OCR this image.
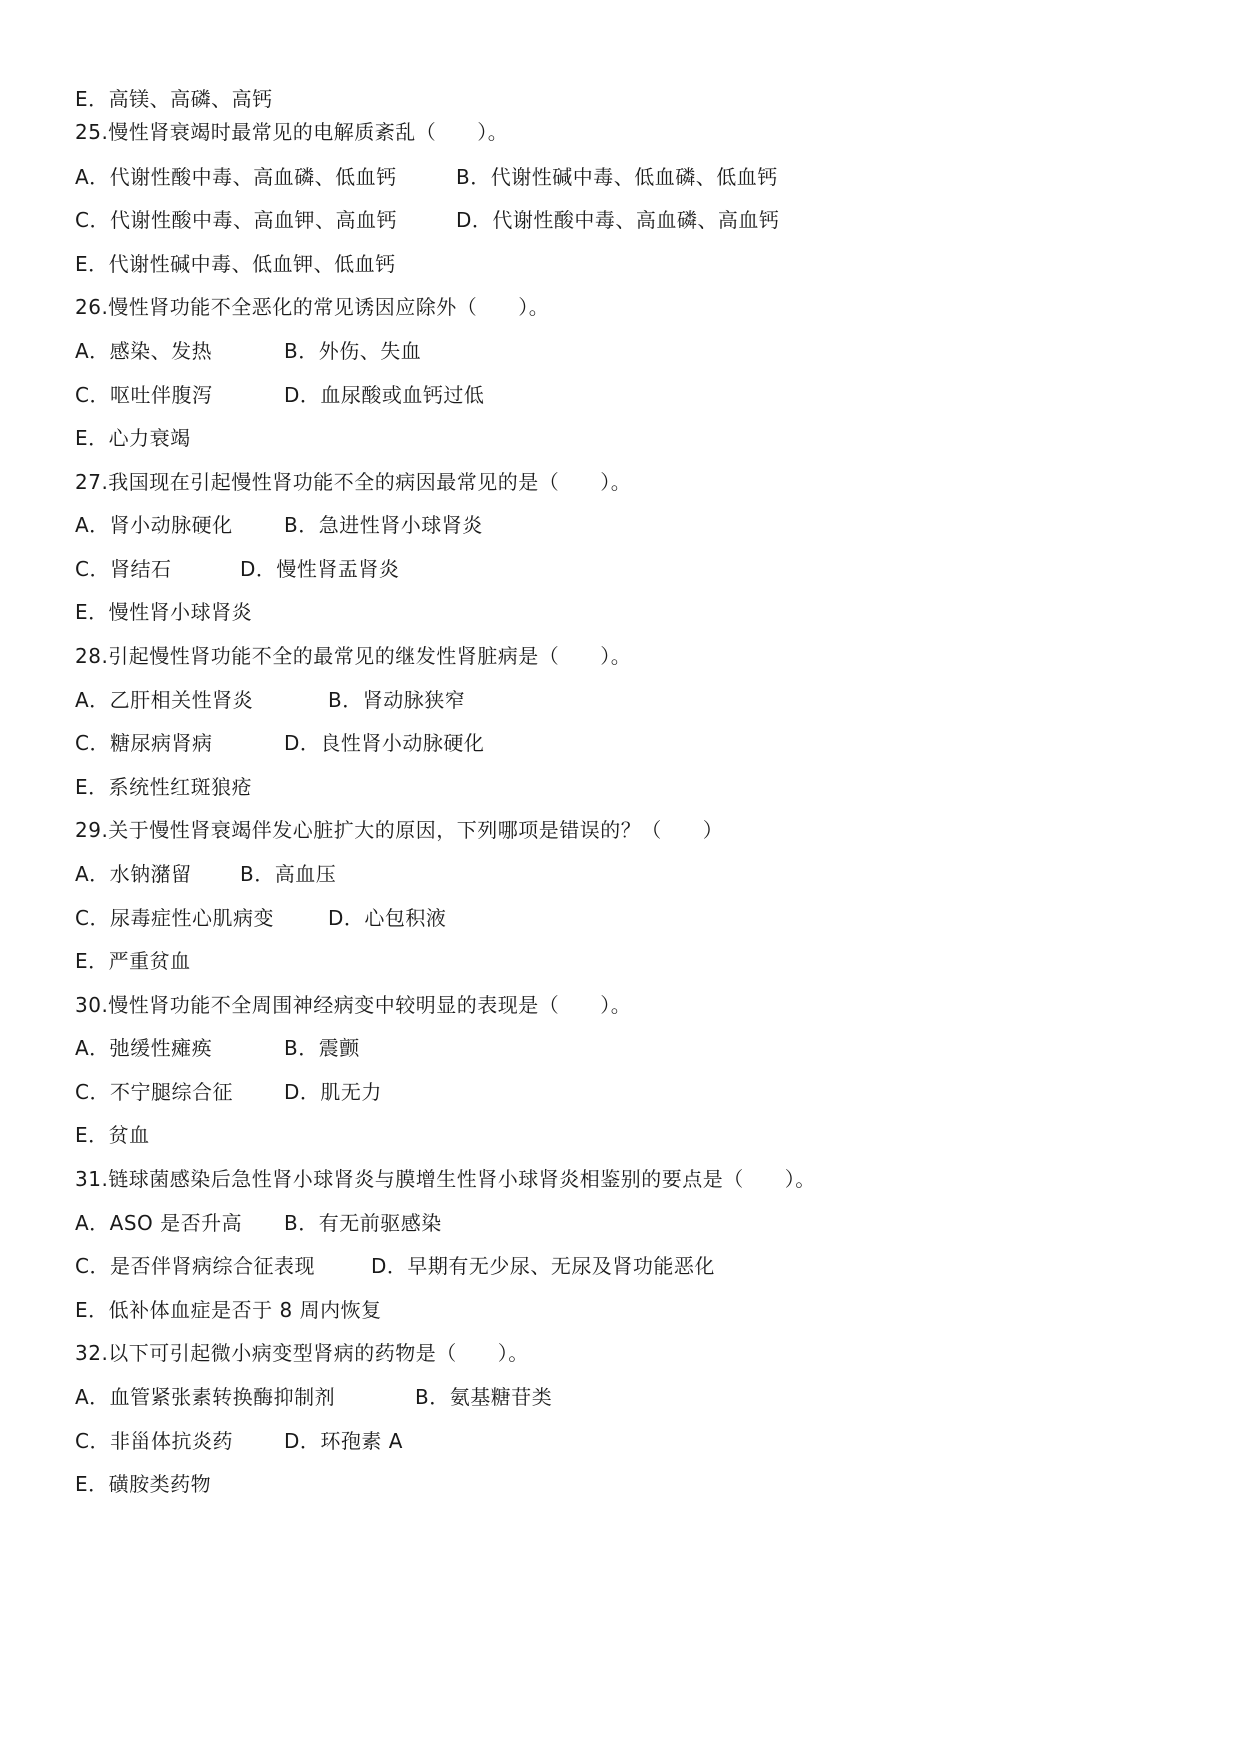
E．高镁、高磷、高钙
25.慢性肾衰竭时最常见的电解质紊乱（　　）。
A．代谢性酸中毒、高血磷、低血钙	B．代谢性碱中毒、低血磷、低血钙
C．代谢性酸中毒、高血钾、高血钙	D．代谢性酸中毒、高血磷、高血钙
E．代谢性碱中毒、低血钾、低血钙
26.慢性肾功能不全恶化的常见诱因应除外（　　）。
A．感染、发热	B．外伤、失血
C．呕吐伴腹泻	D．血尿酸或血钙过低
E．心力衰竭
27.我国现在引起慢性肾功能不全的病因最常见的是（　　）。
A．肾小动脉硬化	B．急进性肾小球肾炎
C．肾结石	D．慢性肾盂肾炎
E．慢性肾小球肾炎
28.引起慢性肾功能不全的最常见的继发性肾脏病是（　　）。
A．乙肝相关性肾炎	B．肾动脉狭窄
C．糖尿病肾病	D．良性肾小动脉硬化
E．系统性红斑狼疮
29.关于慢性肾衰竭伴发心脏扩大的原因，下列哪项是错误的？（　　）
A．水钠潴留 B．高血压
C．尿毒症性心肌病变	D．心包积液
E．严重贫血
30.慢性肾功能不全周围神经病变中较明显的表现是（　　）。
A．弛缓性瘫痪	B．震颤
C．不宁腿综合征	D．肌无力
E．贫血
31.链球菌感染后急性肾小球肾炎与膜增生性肾小球肾炎相鉴别的要点是（　　）。
A．ASO 是否升高 B．有无前驱感染
C．是否伴肾病综合征表现	D．早期有无少尿、无尿及肾功能恶化
E．低补体血症是否于 8 周内恢复
32.以下可引起微小病变型肾病的药物是（　　）。
A．血管紧张素转换酶抑制剂	B．氨基糖苷类
C．非甾体抗炎药	D．环孢素 A
E．磺胺类药物
